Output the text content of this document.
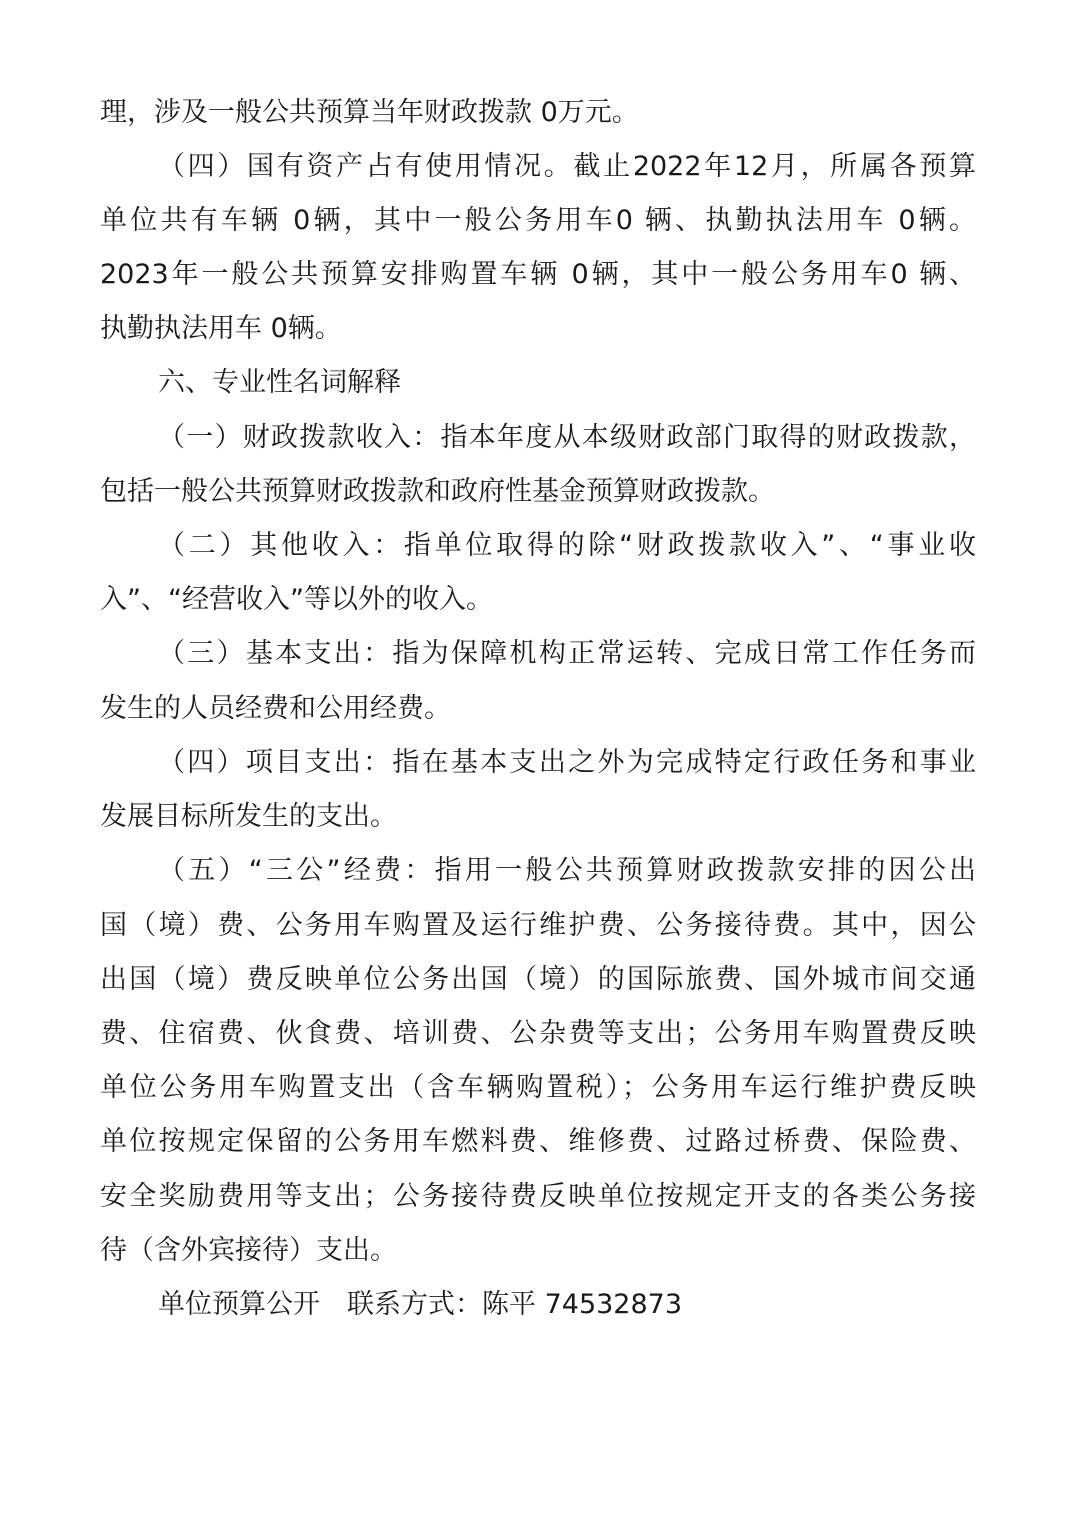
理，涉及一般公共预算当年财政拨款 0万元。
（四）国有资产占有使用情况。截止2022年12月，所属各预算
单位共有车辆 0辆，其中一般公务用车0 辆、执勤执法用车 0辆。
2023年一般公共预算安排购置车辆 0辆，其中一般公务用车0 辆、
执勤执法用车 0辆。
六、专业性名词解释
（一）财政拨款收入：指本年度从本级财政部门取得的财政拨款，
包括一般公共预算财政拨款和政府性基金预算财政拨款。
（二）其他收入：指单位取得的除“财政拨款收入”、“事业收
入”、“经营收入”等以外的收入。
（三）基本支出：指为保障机构正常运转、完成日常工作任务而
发生的人员经费和公用经费。
（四）项目支出：指在基本支出之外为完成特定行政任务和事业
发展目标所发生的支出。
（五）“三公”经费：指用一般公共预算财政拨款安排的因公出
国（境）费、公务用车购置及运行维护费、公务接待费。其中，因公
出国（境）费反映单位公务出国（境）的国际旅费、国外城市间交通
费、住宿费、伙食费、培训费、公杂费等支出；公务用车购置费反映
单位公务用车购置支出（含车辆购置税）；公务用车运行维护费反映
单位按规定保留的公务用车燃料费、维修费、过路过桥费、保险费、
安全奖励费用等支出；公务接待费反映单位按规定开支的各类公务接
待（含外宾接待）支出。
单位预算公开　联系方式：陈平 74532873
